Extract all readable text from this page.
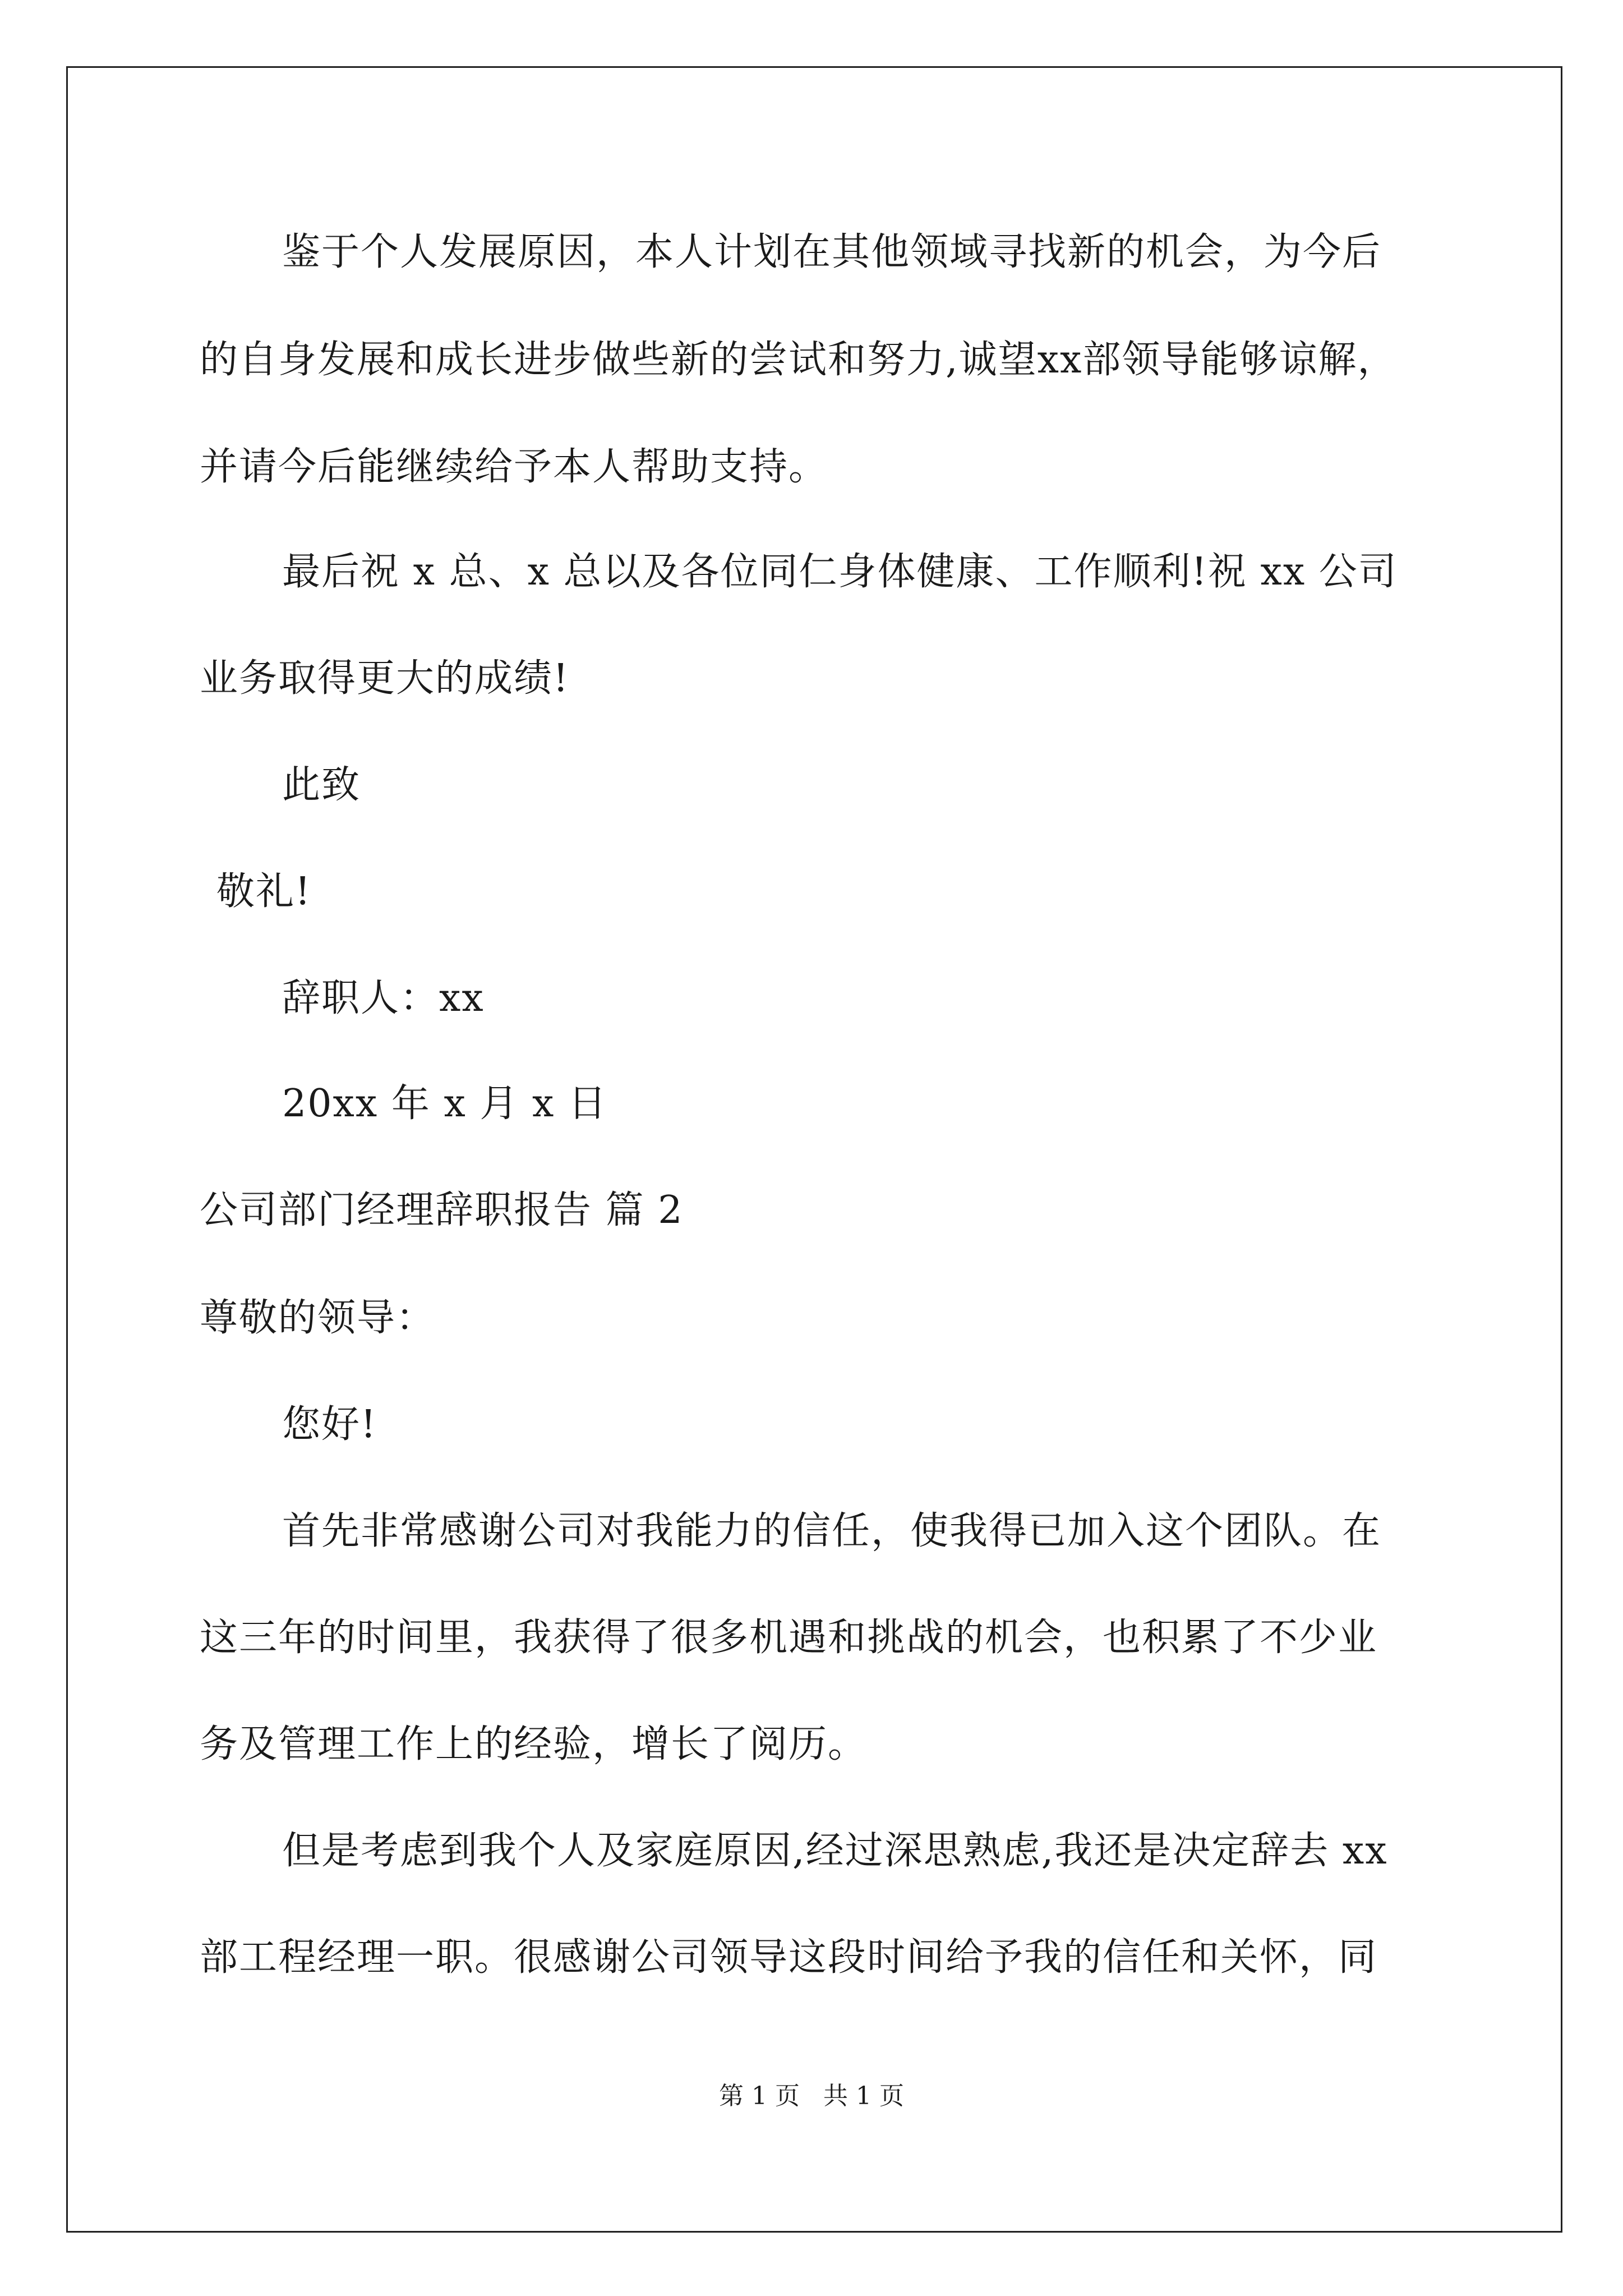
鉴于个人发展原因，本人计划在其他领域寻找新的机会，为今后
的自身发展和成长进步做些新的尝试和努力,诚望xx部领导能够谅解，
并请今后能继续给予本人帮助支持。
最后祝 x 总、x 总以及各位同仁身体健康、工作顺利!祝 xx 公司
业务取得更大的成绩!
此致
敬礼!
辞职人：xx
20xx 年 x 月 x 日
公司部门经理辞职报告 篇 2
尊敬的领导：
您好!
首先非常感谢公司对我能力的信任，使我得已加入这个团队。在
这三年的时间里，我获得了很多机遇和挑战的机会，也积累了不少业
务及管理工作上的经验，增长了阅历。
但是考虑到我个人及家庭原因,经过深思熟虑,我还是决定辞去 xx
部工程经理一职。很感谢公司领导这段时间给予我的信任和关怀，同
第 1 页 共 1 页
